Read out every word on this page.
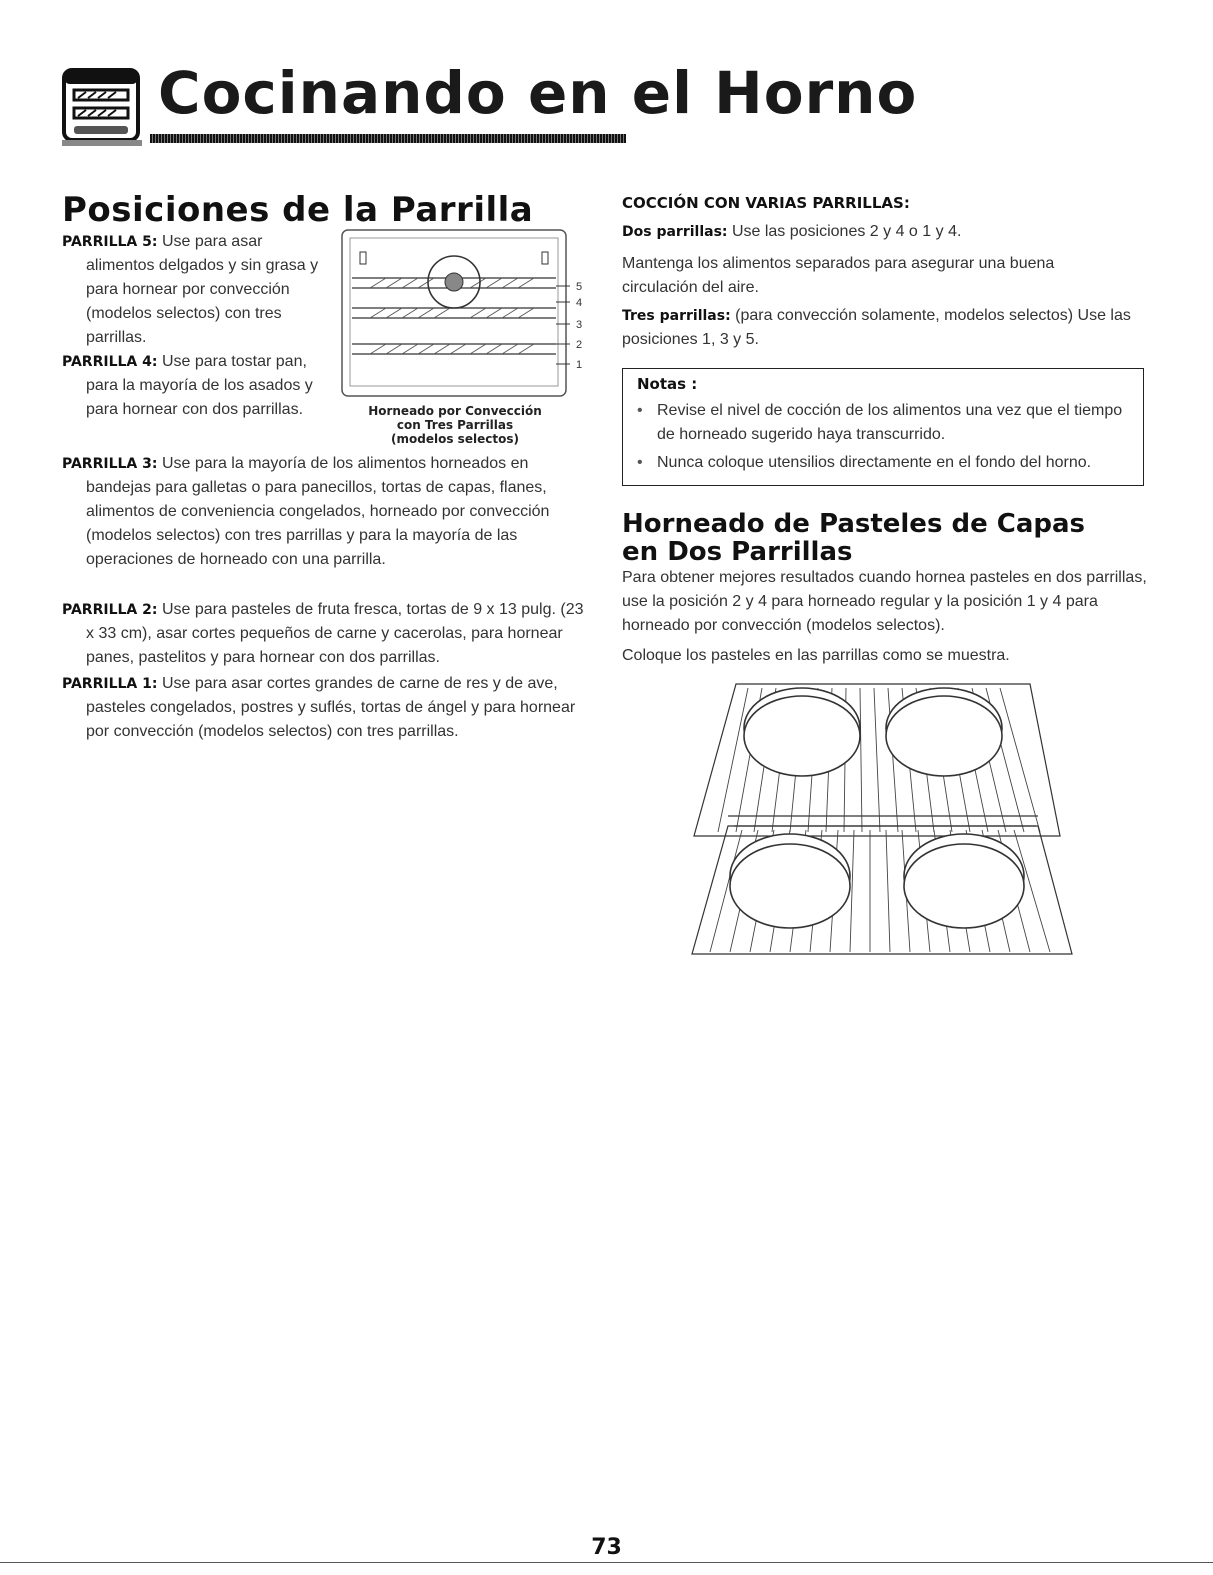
Cocinando en el Horno
Posiciones de la Parrilla
PARRILLA 5: Use para asar alimentos delgados y sin grasa y para hornear por convección (modelos selectos) con tres parrillas.
PARRILLA 4: Use para tostar pan, para la mayoría de los asados y para hornear con dos parrillas.
PARRILLA 3: Use para la mayoría de los alimentos horneados en bandejas para galletas o para panecillos, tortas de capas, flanes, alimentos de conveniencia congelados, horneado por convección (modelos selectos) con tres parrillas y para la mayoría de las operaciones de horneado con una parrilla.
PARRILLA 2: Use para pasteles de fruta fresca, tortas de 9 x 13 pulg. (23 x 33 cm), asar cortes pequeños de carne y cacerolas, para hornear panes, pastelitos y para hornear con dos parrillas.
PARRILLA 1: Use para asar cortes grandes de carne de res y de ave, pasteles congelados, postres y suflés, tortas de ángel y para hornear por convección (modelos selectos) con tres parrillas.
5
4
3
2
1
Horneado por Convección
con Tres Parrillas
(modelos selectos)
COCCIÓN CON VARIAS PARRILLAS:
Dos parrillas: Use las posiciones 2 y 4 o 1 y 4.
Mantenga los alimentos separados para asegurar una buena circulación del aire.
Tres parrillas: (para convección solamente, modelos selectos) Use las posiciones 1, 3 y 5.
Notas :
• Revise el nivel de cocción de los alimentos una vez que el tiempo de horneado sugerido haya transcurrido.
• Nunca coloque utensilios directamente en el fondo del horno.
Horneado de Pasteles de Capas
en Dos Parrillas
Para obtener mejores resultados cuando hornea pasteles en dos parrillas, use la posición 2 y 4 para horneado regular y la posición 1 y 4 para horneado por convección (modelos selectos).
Coloque los pasteles en las parrillas como se muestra.
73
